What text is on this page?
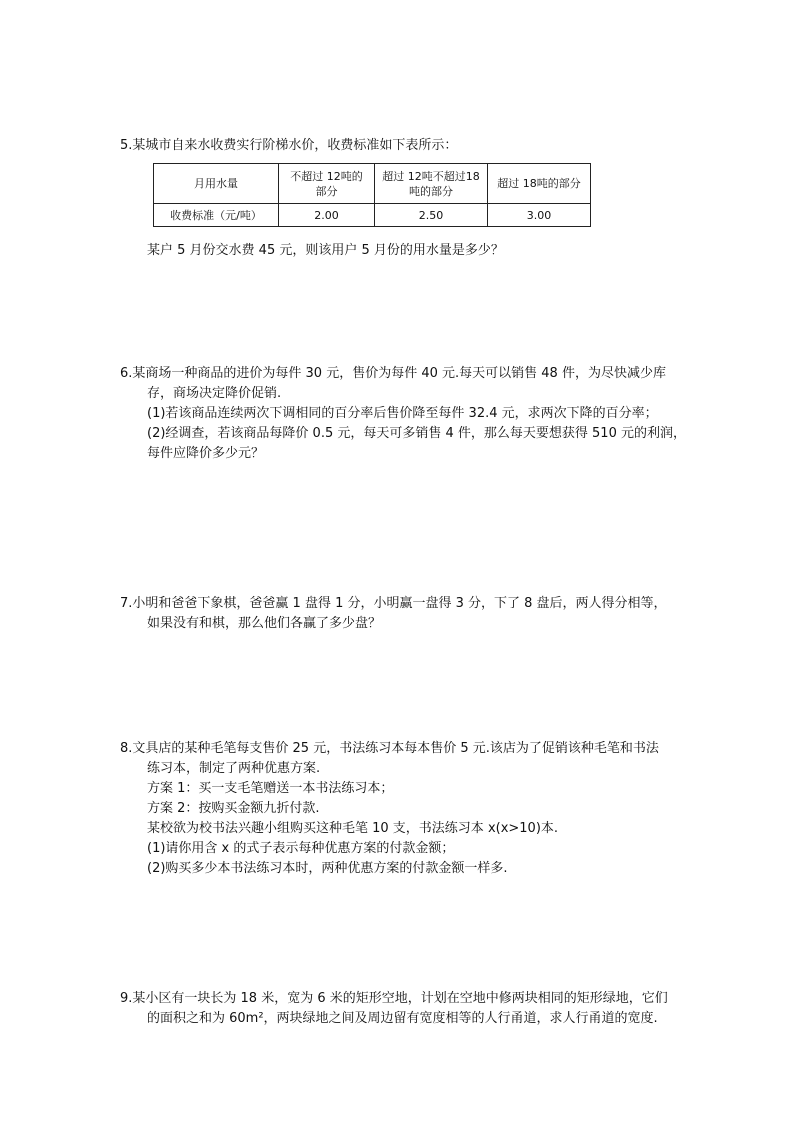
5.某城市自来水收费实行阶梯水价，收费标准如下表所示：
月用水量	不超过 12吨的部分	超过 12吨不超过18吨的部分	超过 18吨的部分
收费标准（元/吨）	2.00	2.50	3.00
某户 5 月份交水费 45 元，则该用户 5 月份的用水量是多少？
6.某商场一种商品的进价为每件 30 元，售价为每件 40 元.每天可以销售 48 件，为尽快减少库
存，商场决定降价促销.
(1)若该商品连续两次下调相同的百分率后售价降至每件 32.4 元，求两次下降的百分率；
(2)经调查，若该商品每降价 0.5 元，每天可多销售 4 件，那么每天要想获得 510 元的利润，
每件应降价多少元？
7.小明和爸爸下象棋，爸爸赢 1 盘得 1 分，小明赢一盘得 3 分，下了 8 盘后，两人得分相等，
如果没有和棋，那么他们各赢了多少盘？
8.文具店的某种毛笔每支售价 25 元，书法练习本每本售价 5 元.该店为了促销该种毛笔和书法
练习本，制定了两种优惠方案.
方案 1：买一支毛笔赠送一本书法练习本；
方案 2：按购买金额九折付款.
某校欲为校书法兴趣小组购买这种毛笔 10 支，书法练习本 x(x>10)本.
(1)请你用含 x 的式子表示每种优惠方案的付款金额；
(2)购买多少本书法练习本时，两种优惠方案的付款金额一样多.
9.某小区有一块长为 18 米，宽为 6 米的矩形空地，计划在空地中修两块相同的矩形绿地，它们
的面积之和为 60m²，两块绿地之间及周边留有宽度相等的人行甬道，求人行甬道的宽度.
